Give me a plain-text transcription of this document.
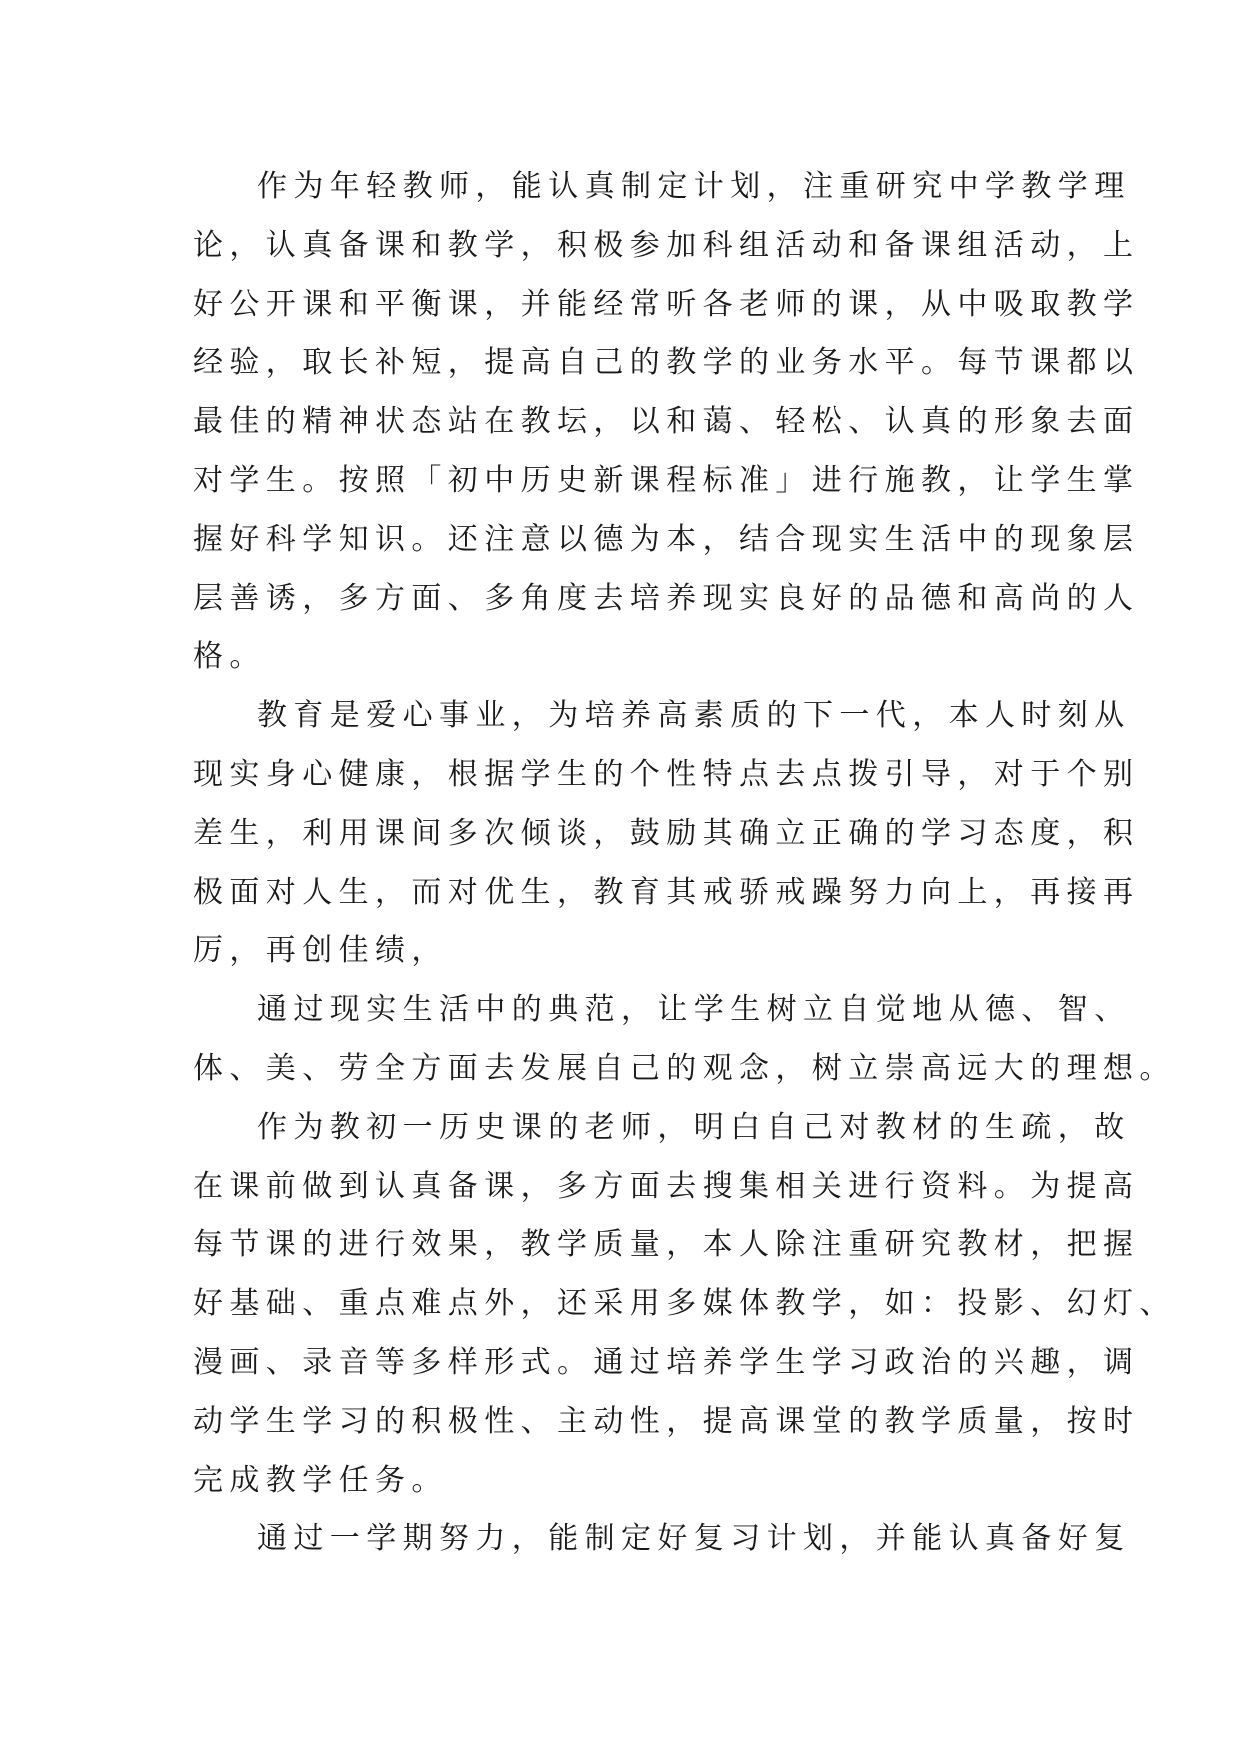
作为年轻教师，能认真制定计划，注重研究中学教学理
论，认真备课和教学，积极参加科组活动和备课组活动，上
好公开课和平衡课，并能经常听各老师的课，从中吸取教学
经验，取长补短，提高自己的教学的业务水平。每节课都以
最佳的精神状态站在教坛，以和蔼、轻松、认真的形象去面
对学生。按照「初中历史新课程标准」进行施教，让学生掌
握好科学知识。还注意以德为本，结合现实生活中的现象层
层善诱，多方面、多角度去培养现实良好的品德和高尚的人
格。
教育是爱心事业，为培养高素质的下一代，本人时刻从
现实身心健康，根据学生的个性特点去点拨引导，对于个别
差生，利用课间多次倾谈，鼓励其确立正确的学习态度，积
极面对人生，而对优生，教育其戒骄戒躁努力向上，再接再
厉，再创佳绩，
通过现实生活中的典范，让学生树立自觉地从德、智、
体、美、劳全方面去发展自己的观念，树立崇高远大的理想。
作为教初一历史课的老师，明白自己对教材的生疏，故
在课前做到认真备课，多方面去搜集相关进行资料。为提高
每节课的进行效果，教学质量，本人除注重研究教材，把握
好基础、重点难点外，还采用多媒体教学，如：投影、幻灯、
漫画、录音等多样形式。通过培养学生学习政治的兴趣，调
动学生学习的积极性、主动性，提高课堂的教学质量，按时
完成教学任务。
通过一学期努力，能制定好复习计划，并能认真备好复
